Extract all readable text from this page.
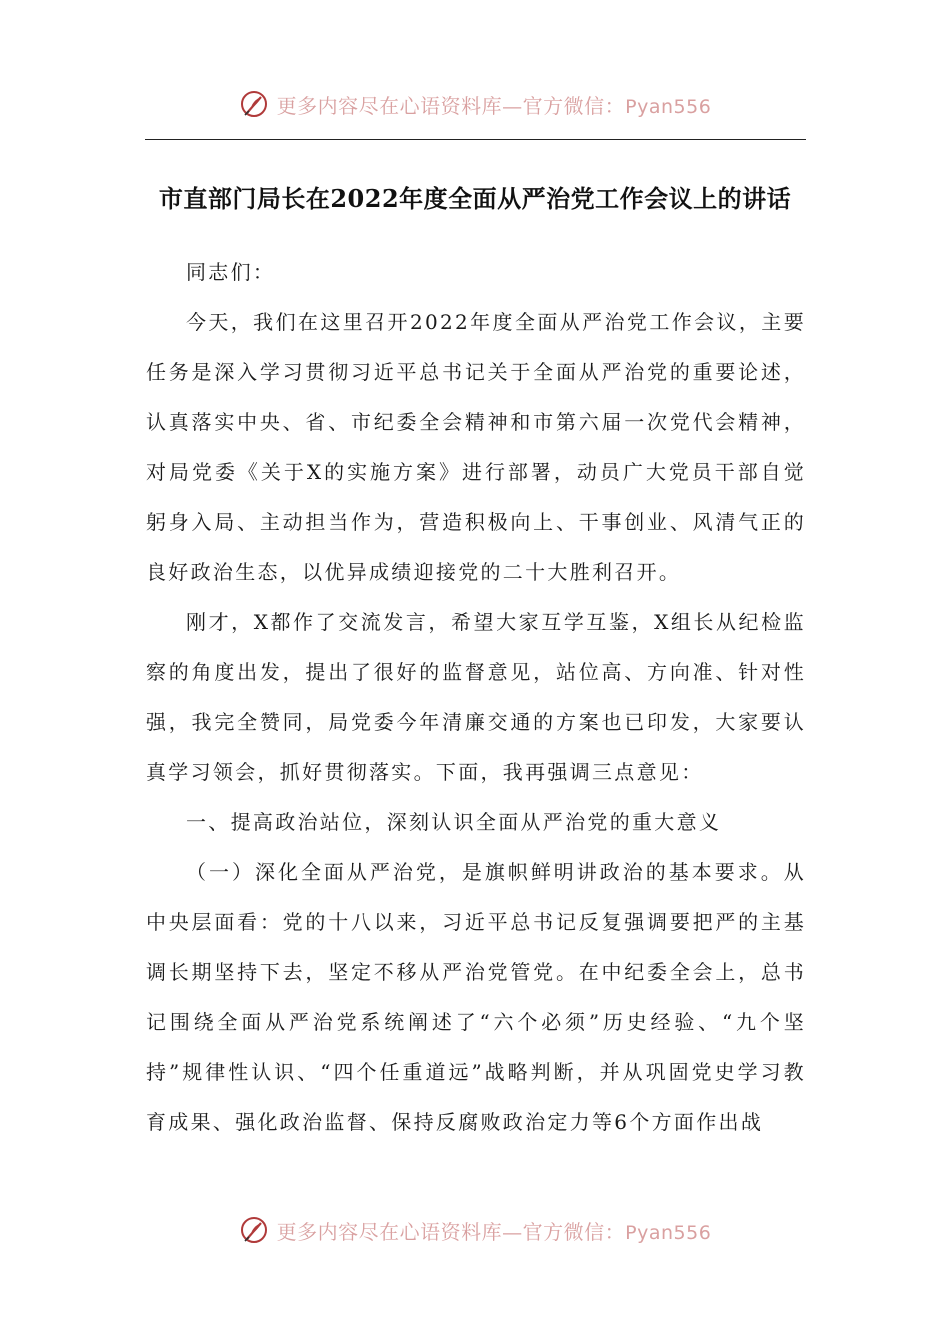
更多内容尽在心语资料库—官方微信：Pyan556
市直部门局长在2022年度全面从严治党工作会议上的讲话

同志们：

今天，我们在这里召开2022年度全面从严治党工作会议，主要任务是深入学习贯彻习近平总书记关于全面从严治党的重要论述，认真落实中央、省、市纪委全会精神和市第六届一次党代会精神，对局党委《关于X的实施方案》进行部署，动员广大党员干部自觉躬身入局、主动担当作为，营造积极向上、干事创业、风清气正的良好政治生态，以优异成绩迎接党的二十大胜利召开。

刚才，X都作了交流发言，希望大家互学互鉴，X组长从纪检监察的角度出发，提出了很好的监督意见，站位高、方向准、针对性强，我完全赞同，局党委今年清廉交通的方案也已印发，大家要认真学习领会，抓好贯彻落实。下面，我再强调三点意见：

一、提高政治站位，深刻认识全面从严治党的重大意义

（一）深化全面从严治党，是旗帜鲜明讲政治的基本要求。从中央层面看：党的十八以来，习近平总书记反复强调要把严的主基调长期坚持下去，坚定不移从严治党管党。在中纪委全会上，总书记围绕全面从严治党系统阐述了“六个必须”历史经验、“九个坚持”规律性认识、“四个任重道远”战略判断，并从巩固党史学习教育成果、强化政治监督、保持反腐败政治定力等6个方面作出战

更多内容尽在心语资料库—官方微信：Pyan556
